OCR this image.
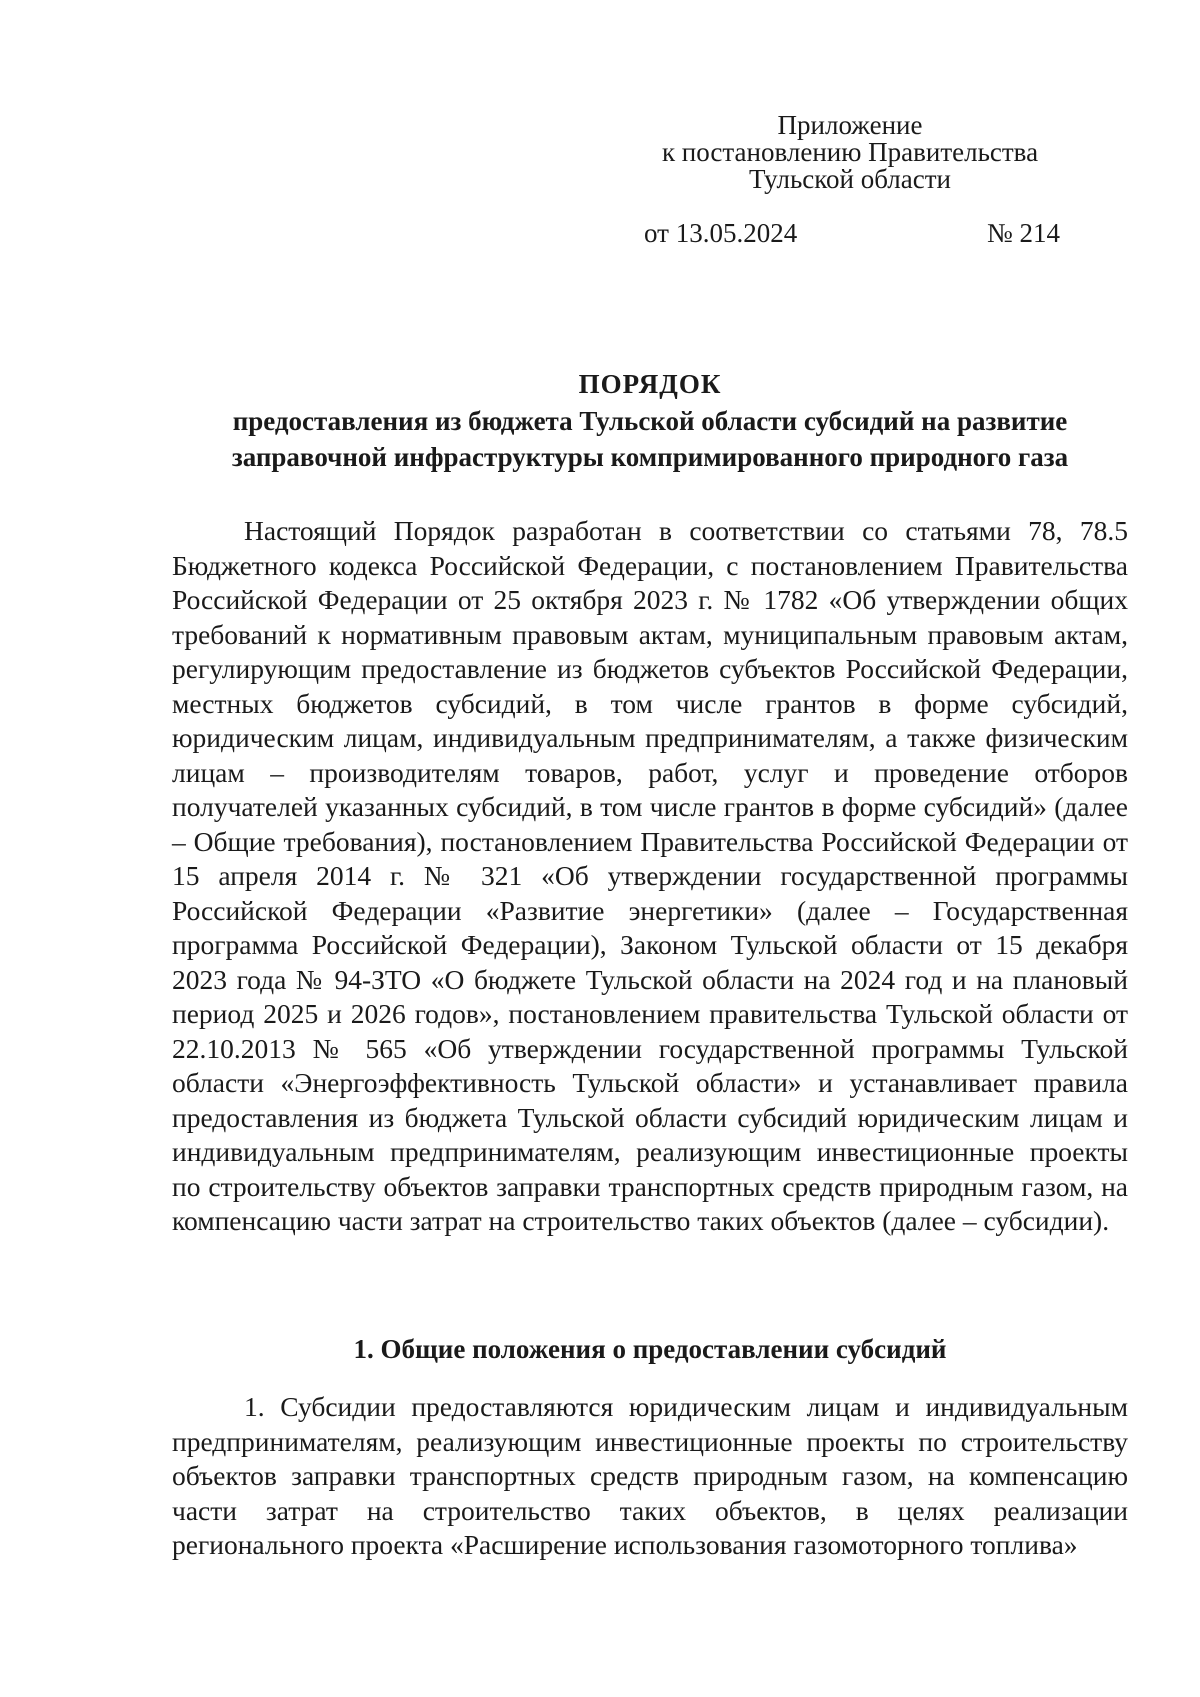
Приложение
к постановлению Правительства
Тульской области
от 13.05.2024	№ 214
ПОРЯДОК
предоставления из бюджета Тульской области субсидий на развитие
заправочной инфраструктуры компримированного природного газа

Настоящий Порядок разработан в соответствии со статьями 78, 78.5 Бюджетного кодекса Российской Федерации, с постановлением Правительства Российской Федерации от 25 октября 2023 г. № 1782 «Об утверждении общих требований к нормативным правовым актам, муниципальным правовым актам, регулирующим предоставление из бюджетов субъектов Российской Федерации, местных бюджетов субсидий, в том числе грантов в форме субсидий, юридическим лицам, индивидуальным предпринимателям, а также физическим лицам – производителям товаров, работ, услуг и проведение отборов получателей указанных субсидий, в том числе грантов в форме субсидий» (далее – Общие требования), постановлением Правительства Российской Федерации от 15 апреля 2014 г. № 321 «Об утверждении государственной программы Российской Федерации «Развитие энергетики» (далее – Государственная программа Российской Федерации), Законом Тульской области от 15 декабря 2023 года № 94-ЗТО «О бюджете Тульской области на 2024 год и на плановый период 2025 и 2026 годов», постановлением правительства Тульской области от 22.10.2013 № 565 «Об утверждении государственной программы Тульской области «Энергоэффективность Тульской области» и устанавливает правила предоставления из бюджета Тульской области субсидий юридическим лицам и индивидуальным предпринимателям, реализующим инвестиционные проекты по строительству объектов заправки транспортных средств природным газом, на компенсацию части затрат на строительство таких объектов (далее – субсидии).

1. Общие положения о предоставлении субсидий

1. Субсидии предоставляются юридическим лицам и индивидуальным предпринимателям, реализующим инвестиционные проекты по строительству объектов заправки транспортных средств природным газом, на компенсацию части затрат на строительство таких объектов, в целях реализации регионального проекта «Расширение использования газомоторного топлива»
